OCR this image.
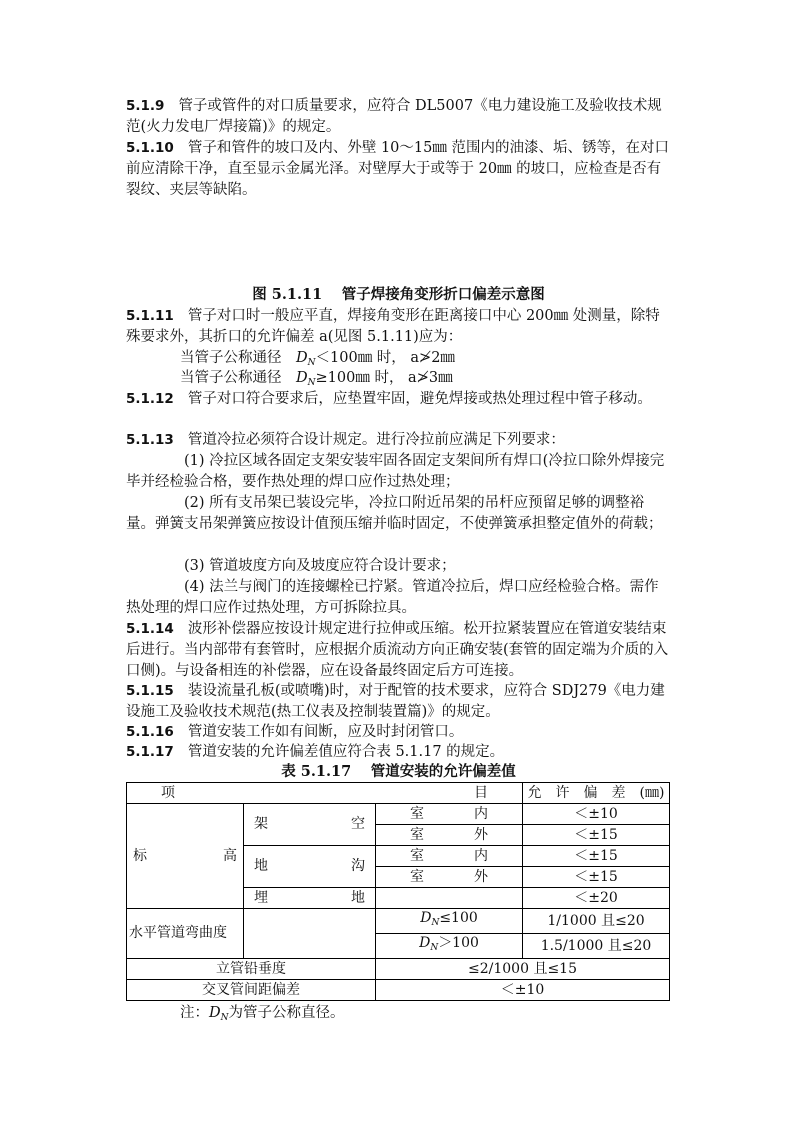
5.1.9 管子或管件的对口质量要求，应符合 DL5007《电力建设施工及验收技术规范(火力发电厂焊接篇)》的规定。

5.1.10 管子和管件的坡口及内、外壁 10～15㎜ 范围内的油漆、垢、锈等，在对口前应清除干净，直至显示金属光泽。对壁厚大于或等于 20㎜ 的坡口，应检查是否有裂纹、夹层等缺陷。

图 5.1.11　 管子焊接角变形折口偏差示意图

5.1.11 管子对口时一般应平直，焊接角变形在距离接口中心 200㎜ 处测量，除特殊要求外，其折口的允许偏差 a(见图 5.1.11)应为：

当管子公称通径　$D_N<100㎜$ 时， a≯2㎜
当管子公称通径　$D_N\ge 100㎜$ 时， a≯3㎜

5.1.12 管子对口符合要求后，应垫置牢固，避免焊接或热处理过程中管子移动。

5.1.13 管道冷拉必须符合设计规定。进行冷拉前应满足下列要求：

(1) 冷拉区域各固定支架安装牢固各固定支架间所有焊口(冷拉口除外焊接完毕并经检验合格，要作热处理的焊口应作过热处理；

(2) 所有支吊架已装设完毕，冷拉口附近吊架的吊杆应预留足够的调整裕量。弹簧支吊架弹簧应按设计值预压缩并临时固定，不使弹簧承担整定值外的荷载；

(3) 管道坡度方向及坡度应符合设计要求；

(4) 法兰与阀门的连接螺栓已拧紧。管道冷拉后，焊口应经检验合格。需作热处理的焊口应作过热处理，方可拆除拉具。

5.1.14 波形补偿器应按设计规定进行拉伸或压缩。松开拉紧装置应在管道安装结束后进行。当内部带有套管时，应根据介质流动方向正确安装(套管的固定端为介质的入口侧)。与设备相连的补偿器，应在设备最终固定后方可连接。

5.1.15 装设流量孔板(或喷嘴)时，对于配管的技术要求，应符合 SDJ279《电力建设施工及验收技术规范(热工仪表及控制装置篇)》的规定。

5.1.16 管道安装工作如有间断，应及时封闭管口。

5.1.17 管道安装的允许偏差值应符合表 5.1.17 的规定。

表 5.1.17　 管道安装的允许偏差值
项 目			允　许　偏　差　(㎜)

标 高	架 空	室 内	＜±10

		室 外	＜±15

	地 沟	室 内	＜±15

		室 外	＜±15

	埋 地		＜±20
水平管道弯曲度		$D_N\le 100$	1/1000 且≤20
		$D_N>100$	1.5/1000 且≤20
立管铅垂度		≤2/1000 且≤15	
交叉管间距偏差		＜±10	
注：$D_N$为管子公称直径。
